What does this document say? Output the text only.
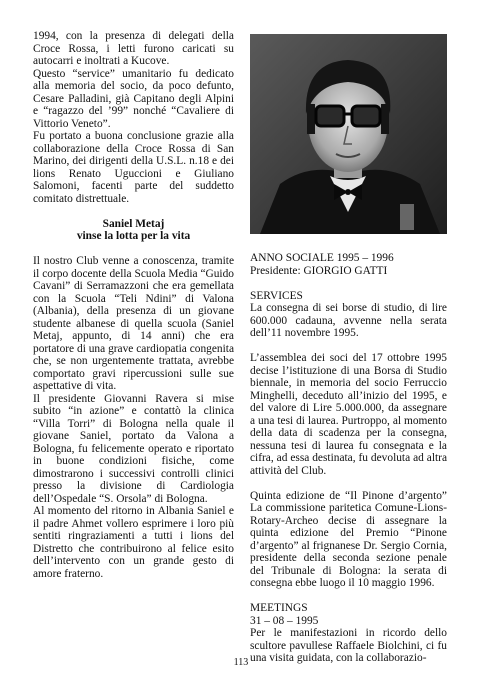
1994, con la presenza di delegati della Croce Rossa, i letti furono caricati su autocarri e inoltrati a Kucove.

Questo “service” umanitario fu dedicato alla memoria del socio, da poco defunto, Cesare Palladini, già Capitano degli Alpini e “ragazzo del ’99” nonché “Cavaliere di Vittorio Veneto”.

Fu portato a buona conclusione grazie alla collaborazione della Croce Rossa di San Marino, dei dirigenti della U.S.L. n.18 e dei lions Renato Uguccioni e Giuliano Salomoni, facenti parte del suddetto comitato distrettuale.

Saniel Metaj

vinse la lotta per la vita

Il nostro Club venne a conoscenza, tramite il corpo docente della Scuola Media “Guido Cavani” di Serramazzoni che era gemellata con la Scuola “Teli Ndini” di Valona (Albania), della presenza di un giovane studente albanese di quella scuola (Saniel Metaj, appunto, di 14 anni) che era portatore di una grave cardiopatia congenita che, se non urgentemente trattata, avrebbe comportato gravi ripercussioni sulle sue aspettative di vita.

Il presidente Giovanni Ravera si mise subito “in azione” e contattò la clinica “Villa Torri” di Bologna nella quale il giovane Saniel, portato da Valona a Bologna, fu felicemente operato e riportato in buone condizioni fisiche, come dimostrarono i successivi controlli clinici presso la divisione di Cardiologia dell’Ospedale “S. Orsola” di Bologna.

Al momento del ritorno in Albania Saniel e il padre Ahmet vollero esprimere i loro più sentiti ringraziamenti a tutti i lions del Distretto che contribuirono al felice esito dell’intervento con un grande gesto di amore fraterno.

ANNO SOCIALE 1995 – 1996

Presidente: GIORGIO GATTI

SERVICES

La consegna di sei borse di studio, di lire 600.000 cadauna, avvenne nella serata dell’11 novembre 1995.

L’assemblea dei soci del 17 ottobre 1995 decise l’istituzione di una Borsa di Studio biennale, in memoria del socio Ferruccio Minghelli, deceduto all’inizio del 1995, e del valore di Lire 5.000.000, da assegnare a una tesi di laurea. Purtroppo, al momento della data di scadenza per la consegna, nessuna tesi di laurea fu consegnata e la cifra, ad essa destinata, fu devoluta ad altra attività del Club.

Quinta edizione de “Il Pinone d’argento” La commissione paritetica Comune-Lions-Rotary-Archeo decise di assegnare la quinta edizione del Premio “Pinone d’argento” al frignanese Dr. Sergio Cornia, presidente della seconda sezione penale del Tribunale di Bologna: la serata di consegna ebbe luogo il 10 maggio 1996.

MEETINGS

31 – 08 – 1995

Per le manifestazioni in ricordo dello scultore pavullese Raffaele Biolchini, ci fu una visita guidata, con la collaborazio-

113
